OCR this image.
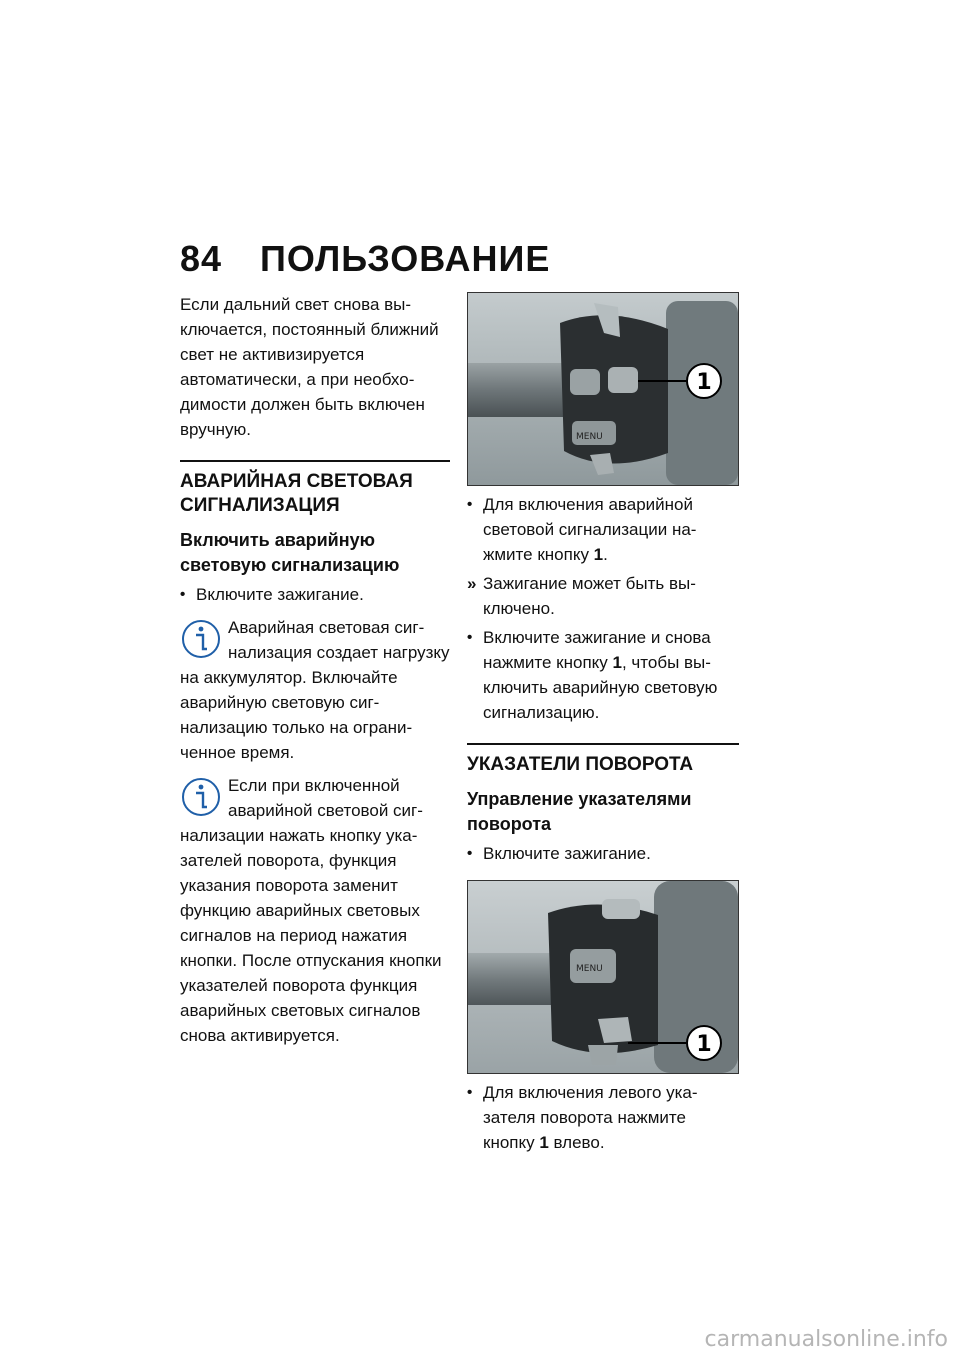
84 ПОЛЬЗОВАНИЕ

Если дальний свет снова выключается, постоянный ближний свет не активизируется автоматически, а при необходимости должен быть включен вручную.

АВАРИЙНАЯ СВЕТОВАЯ СИГНАЛИЗАЦИЯ
Включить аварийную световую сигнализацию
• Включите зажигание.
Аварийная световая сигнализация создает нагрузку на аккумулятор. Включайте аварийную световую сигнализацию только на ограниченное время.
Если при включенной аварийной световой сигнализации нажать кнопку указателей поворота, функция указания поворота заменит функцию аварийных световых сигналов на период нажатия кнопки. После отпускания кнопки указателей поворота функция аварийных световых сигналов снова активируется.
MENU
1
• Для включения аварийной световой сигнализации нажмите кнопку 1.
» Зажигание может быть выключено.
• Включите зажигание и снова нажмите кнопку 1, чтобы выключить аварийную световую сигнализацию.
УКАЗАТЕЛИ ПОВОРОТА
Управление указателями поворота
• Включите зажигание.
MENU
1
• Для включения левого указателя поворота нажмите кнопку 1 влево.
carmanualsonline.info
